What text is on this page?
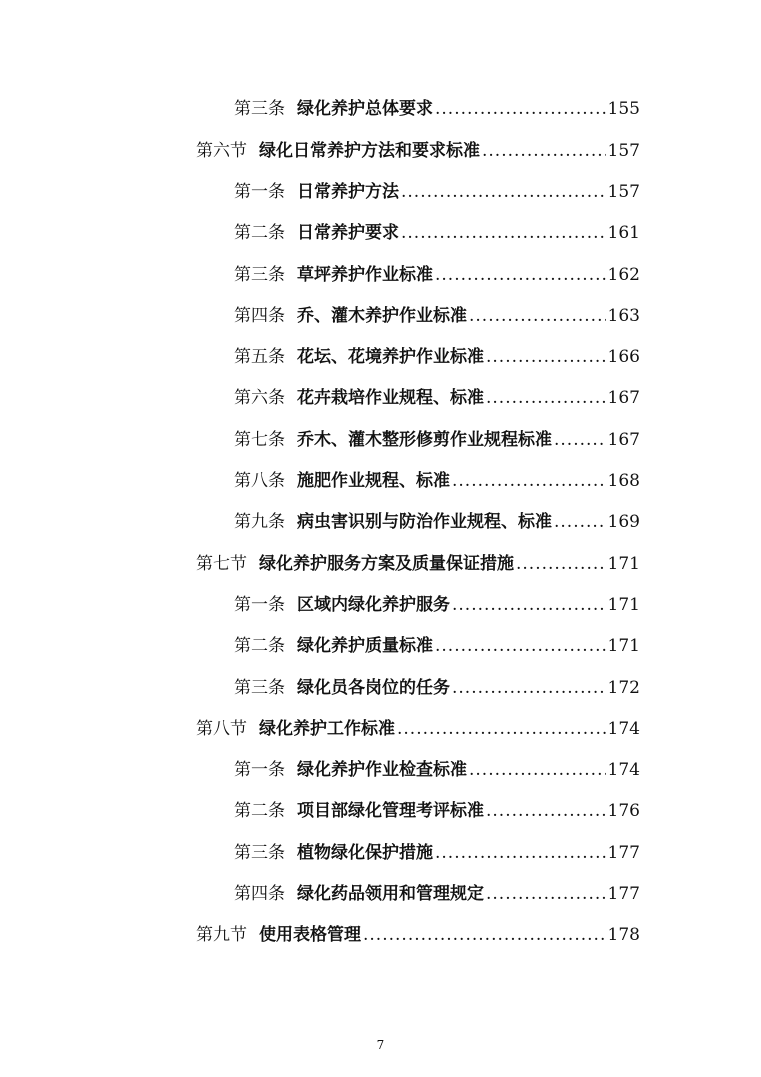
第三条 绿化养护总体要求 .....	155
第六节 绿化日常养护方法和要求标准 .....	157
第一条 日常养护方法 .....	157
第二条 日常养护要求 .....	161
第三条 草坪养护作业标准 .....	162
第四条 乔、灌木养护作业标准 .....	163
第五条 花坛、花境养护作业标准 .....	166
第六条 花卉栽培作业规程、标准 .....	167
第七条 乔木、灌木整形修剪作业规程标准 .....	167
第八条 施肥作业规程、标准 .....	168
第九条 病虫害识别与防治作业规程、标准 .....	169
第七节 绿化养护服务方案及质量保证措施 .....	171
第一条 区域内绿化养护服务 .....	171
第二条 绿化养护质量标准 .....	171
第三条 绿化员各岗位的任务 .....	172
第八节 绿化养护工作标准 .....	174
第一条 绿化养护作业检查标准 .....	174
第二条 项目部绿化管理考评标准 .....	176
第三条 植物绿化保护措施 .....	177
第四条 绿化药品领用和管理规定 .....	177
第九节 使用表格管理 .....	178
7
